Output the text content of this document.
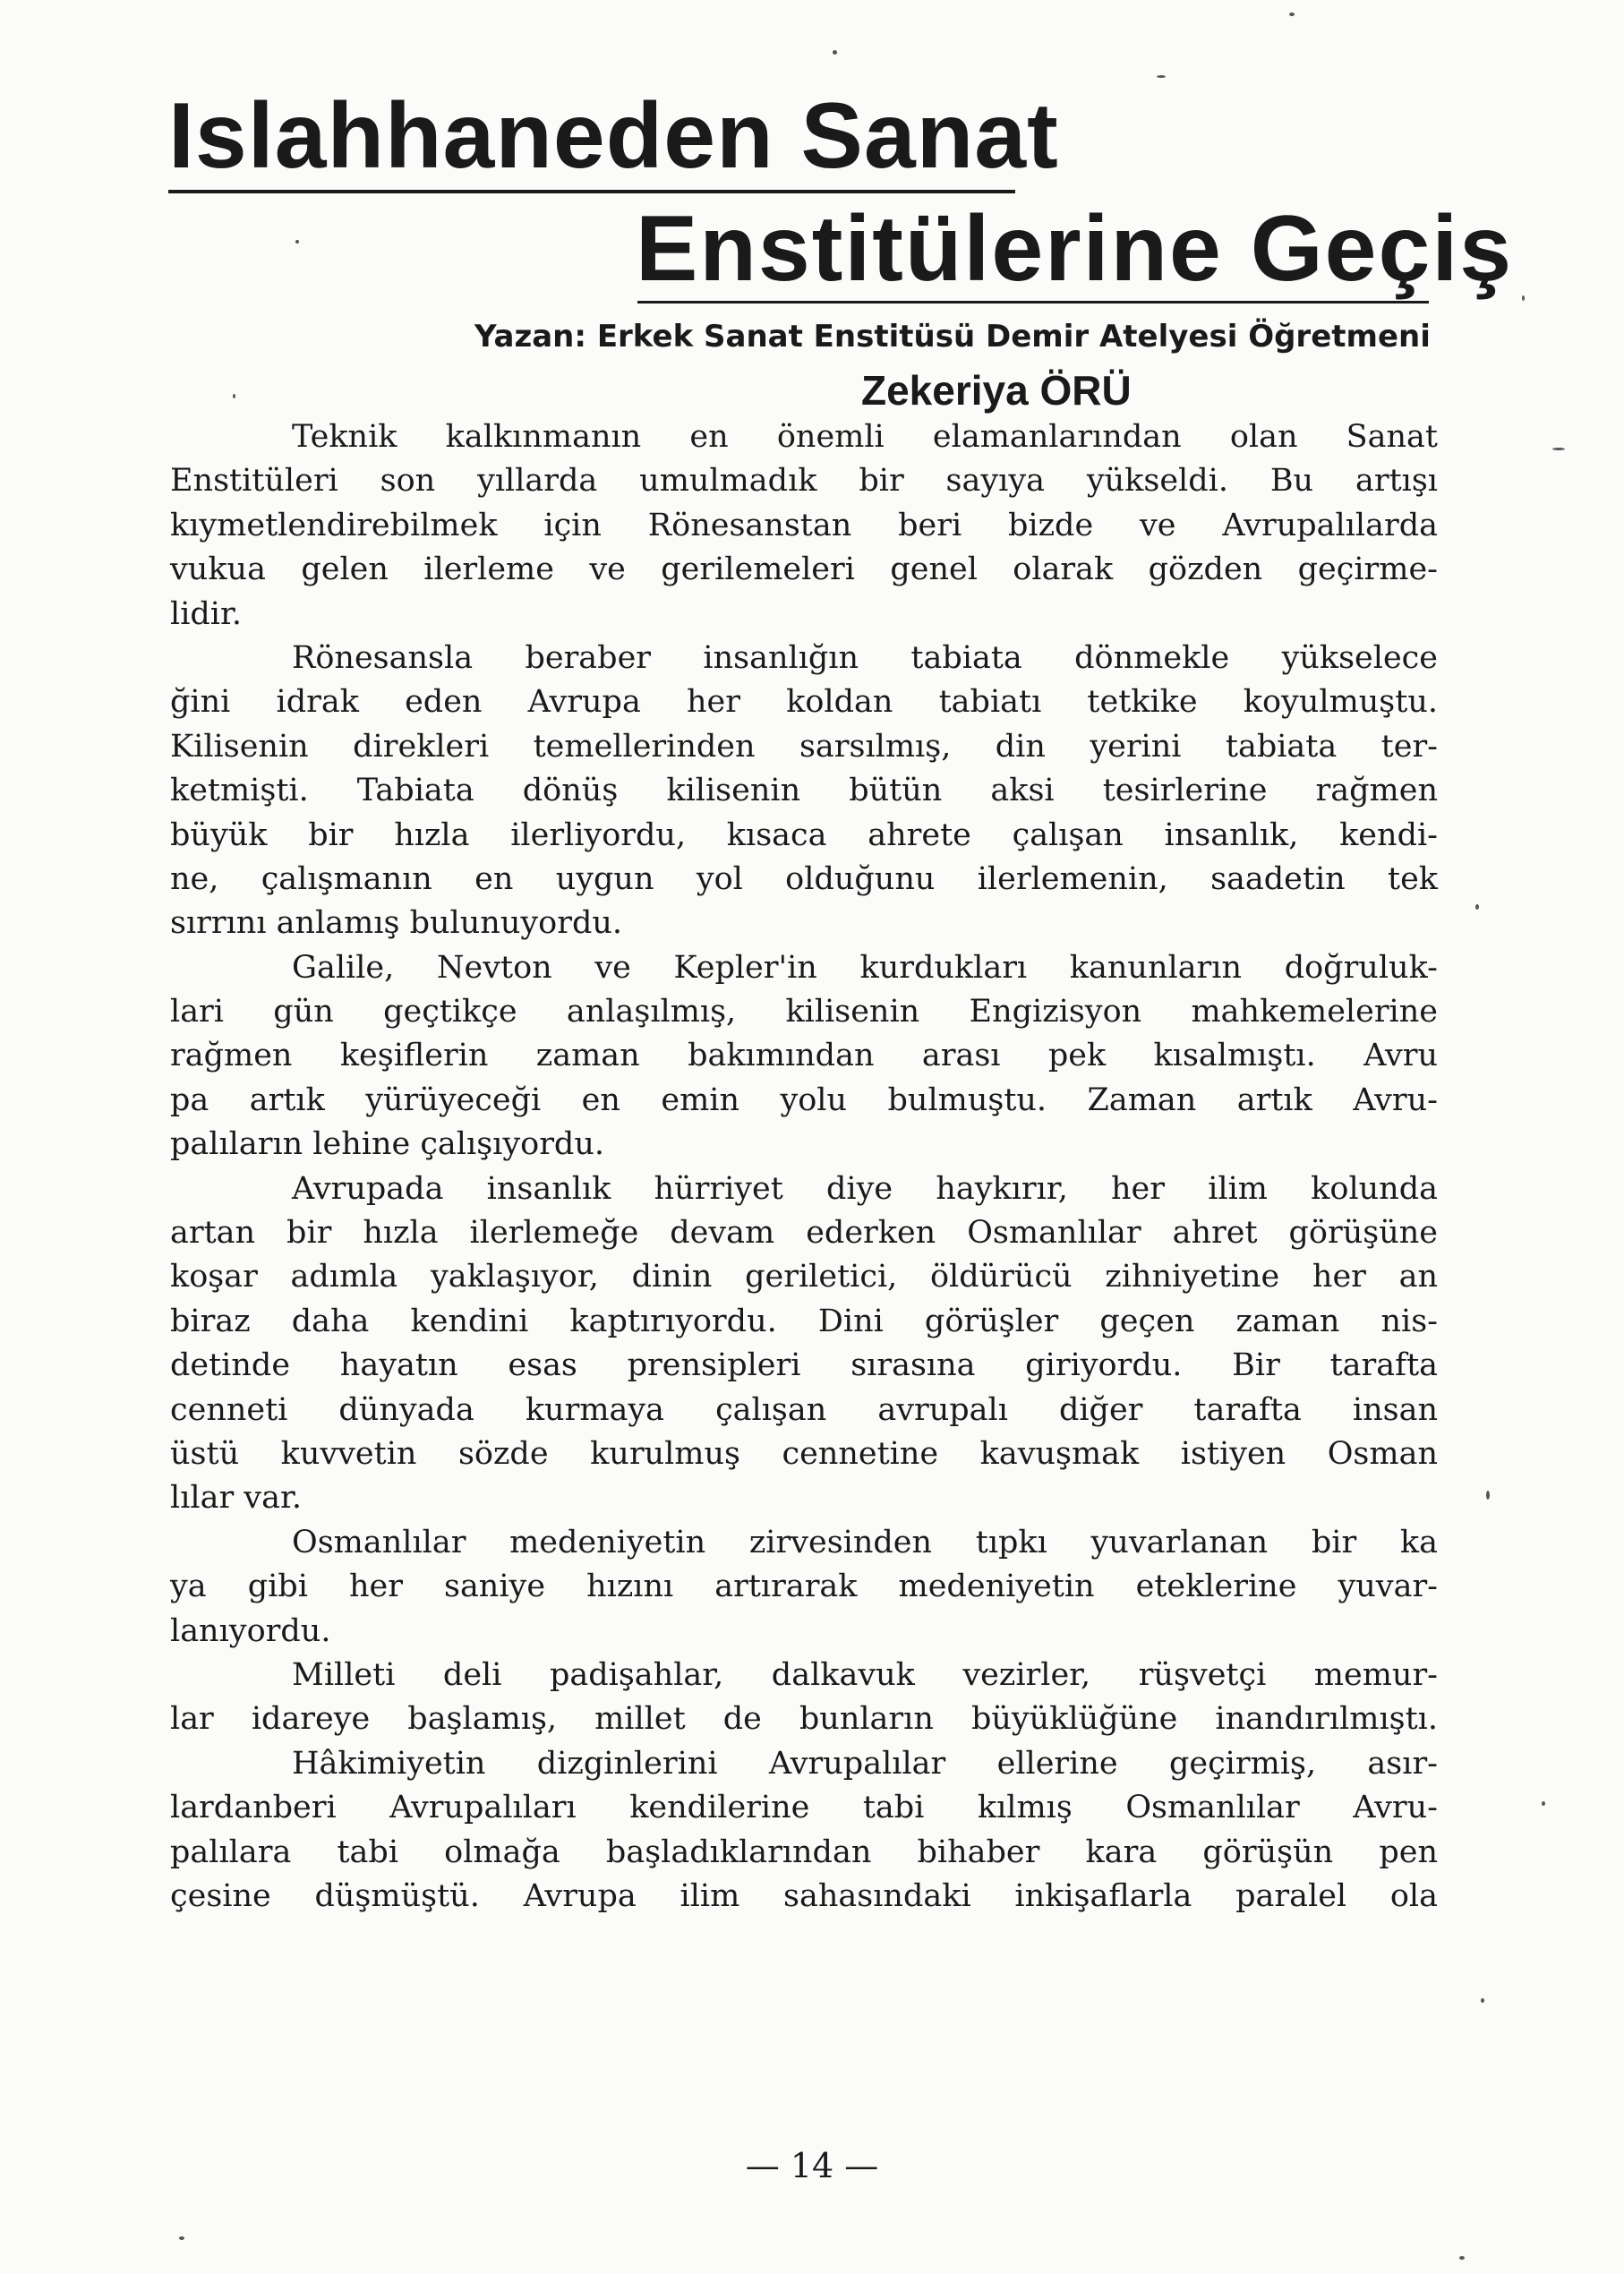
Islahhaneden Sanat
Enstitülerine Geçiş
Yazan: Erkek Sanat Enstitüsü Demir Atelyesi Öğretmeni
Zekeriya ÖRÜ
Teknik kalkınmanın en önemli elamanlarından olan Sanat
Enstitüleri son yıllarda umulmadık bir sayıya yükseldi. Bu artışı
kıymetlendirebilmek için Rönesanstan beri bizde ve Avrupalılarda
vukua gelen ilerleme ve gerilemeleri genel olarak gözden geçirme-
lidir.
Rönesansla beraber insanlığın tabiata dönmekle yükselece
ğini idrak eden Avrupa her koldan tabiatı tetkike koyulmuştu.
Kilisenin direkleri temellerinden sarsılmış, din yerini tabiata ter-
ketmişti. Tabiata dönüş kilisenin bütün aksi tesirlerine rağmen
büyük bir hızla ilerliyordu, kısaca ahrete çalışan insanlık, kendi-
ne, çalışmanın en uygun yol olduğunu ilerlemenin, saadetin tek
sırrını anlamış bulunuyordu.
Galile, Nevton ve Kepler'in kurdukları kanunların doğruluk-
lari gün geçtikçe anlaşılmış, kilisenin Engizisyon mahkemelerine
rağmen keşiflerin zaman bakımından arası pek kısalmıştı. Avru
pa artık yürüyeceği en emin yolu bulmuştu. Zaman artık Avru-
palıların lehine çalışıyordu.
Avrupada insanlık hürriyet diye haykırır, her ilim kolunda
artan bir hızla ilerlemeğe devam ederken Osmanlılar ahret görüşüne
koşar adımla yaklaşıyor, dinin geriletici, öldürücü zihniyetine her an
biraz daha kendini kaptırıyordu. Dini görüşler geçen zaman nis-
detinde hayatın esas prensipleri sırasına giriyordu. Bir tarafta
cenneti dünyada kurmaya çalışan avrupalı diğer tarafta insan
üstü kuvvetin sözde kurulmuş cennetine kavuşmak istiyen Osman
lılar var.
Osmanlılar medeniyetin zirvesinden tıpkı yuvarlanan bir ka
ya gibi her saniye hızını artırarak medeniyetin eteklerine yuvar-
lanıyordu.
Milleti deli padişahlar, dalkavuk vezirler, rüşvetçi memur-
lar idareye başlamış, millet de bunların büyüklüğüne inandırılmıştı.
Hâkimiyetin dizginlerini Avrupalılar ellerine geçirmiş, asır-
lardanberi Avrupalıları kendilerine tabi kılmış Osmanlılar Avru-
palılara tabi olmağa başladıklarından bihaber kara görüşün pen
çesine düşmüştü. Avrupa ilim sahasındaki inkişaflarla paralel ola
— 14 —
